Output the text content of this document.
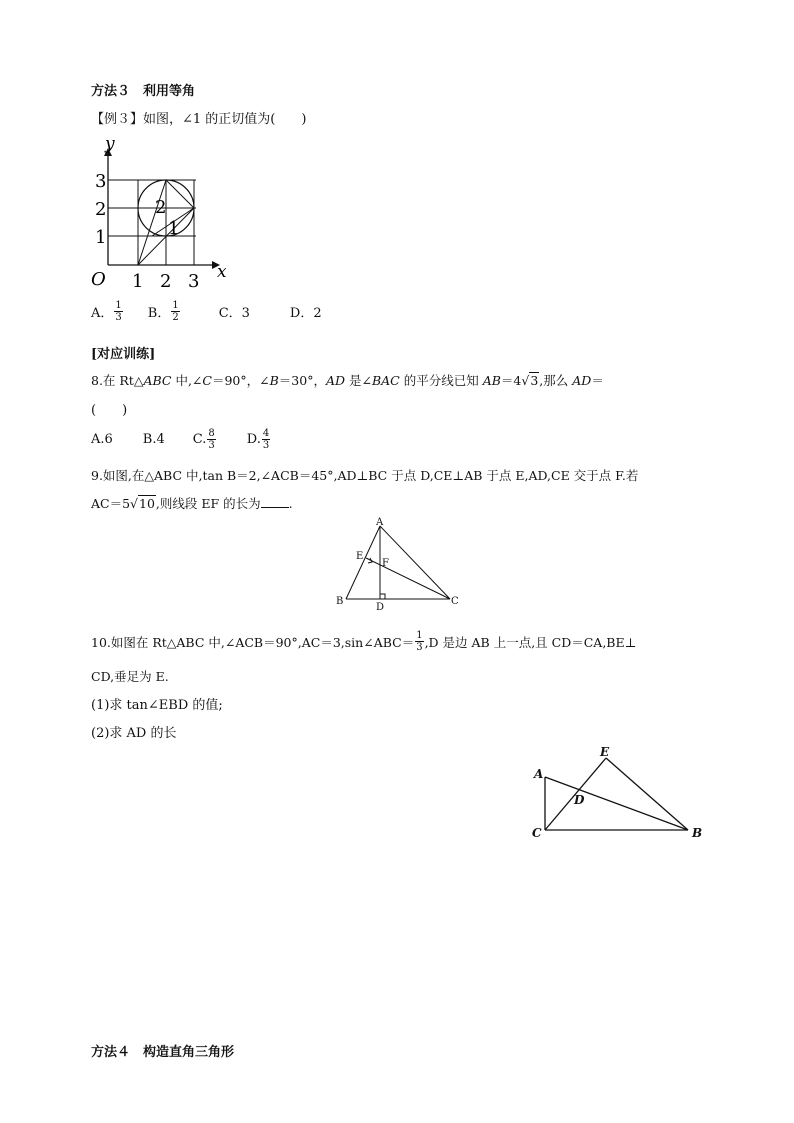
方法３　利用等角
【例３】如图，∠1 的正切值为(　　)
y
x
O 1 2 3
1
2
3
2
1
A． $\frac{1}{3}$ B． $\frac{1}{2}$	C．3	D．2
[对应训练]
8.在 Rt△ABC 中,∠C＝90°，∠B＝30°，AD 是∠BAC 的平分线已知 AB＝4√3,那么 AD＝
(　　)
A.6 B.4 C. $\frac{8}{3} D$. $\frac{4}{3}$
9.如图,在△ABC 中,tan B＝2,∠ACB＝45°,AD⊥BC 于点 D,CE⊥AB 于点 E,AD,CE 交于点 F.若
AC＝5√10,则线段 EF 的长为 .
A
E
F
B
D
C
10.如图在 Rt△ABC 中,∠ACB＝90°,AC＝3,sin∠ABC＝ $\frac{1}{3} ,D$ 是边 AB 上一点,且 CD＝CA,BE⊥
CD,垂足为 E.
(1)求 tan∠EBD 的值;
(2)求 AD 的长
E
A
D
C	B
方法４　构造直角三角形
